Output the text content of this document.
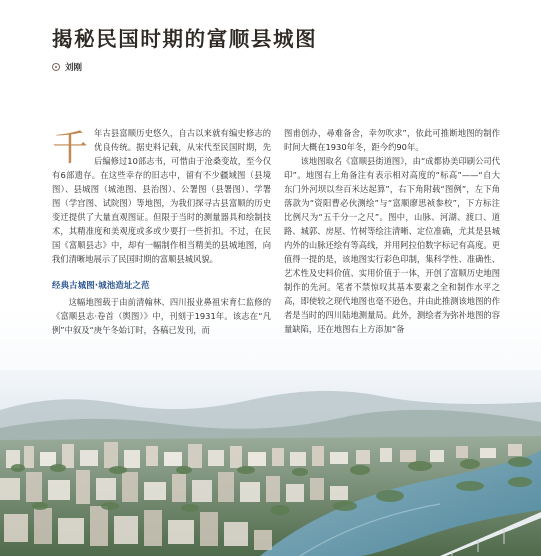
揭秘民国时期的富顺县城图
刘刚

千年古县富顺历史悠久，自古以来就有编史修志的优良传统。据史料记载，从宋代至民国时期，先后编修过10部志书，可惜由于沧桑变故，至今仅有6部遗存。在这些幸存的旧志中，留有不少疆域图（县境图）、县城图（城池图、县治图）、公署图（县署图）、学署图（学宫图、试院图）等地图，为我们探寻古县富顺的历史变迁提供了大量直观图证。但限于当时的测量器具和绘制技术，其精准度和美观度或多或少要打一些折扣。不过，在民国《富顺县志》中，却有一幅制作相当精美的县城地图，向我们清晰地展示了民国时期的富顺县城风貌。

经典古城图·城池造址之范

这幅地图载于由前清翰林、四川报业鼻祖宋育仁监修的《富顺县志·卷首（舆图）》中，刊刻于1931年。该志在“凡例”中叙及“庚午冬始订时，各稿已发刊，而

图甫创办，尋难备舍，幸勿吹求”，依此可推断地图的制作时间大概在1930年冬，距今约90年。

该地图取名《富顺县街道图》，由“成都协美印刷公司代印”。地图右上角备注有表示相对高度的“标高”——“自大东门外河坝以叁百米达起算”，右下角附载“图例”，左下角落款为“资阳曹必伙测绘”与“富顺廖思祯参校”，下方标注比例尺为“五千分一之尺”。图中，山脉、河湖、渡口、道路、城郭、房屋、竹树等绘注清晰、定位准确，尤其是县城内外的山脉还绘有等高线，并用阿拉伯数字标记有高度。更值得一提的是，该地图实行彩色印制，集科学性、准确性、艺术性及史料价值、实用价值于一体，开创了富顺历史地图制作的先河。笔者不禁惊叹其基本要素之全和制作水平之高，即使较之现代地图也毫不逊色，并由此推测该地图的作者是当时的四川陆地测量局。此外，测绘者为弥补地图的容量缺陷，还在地图右上方添加“备
